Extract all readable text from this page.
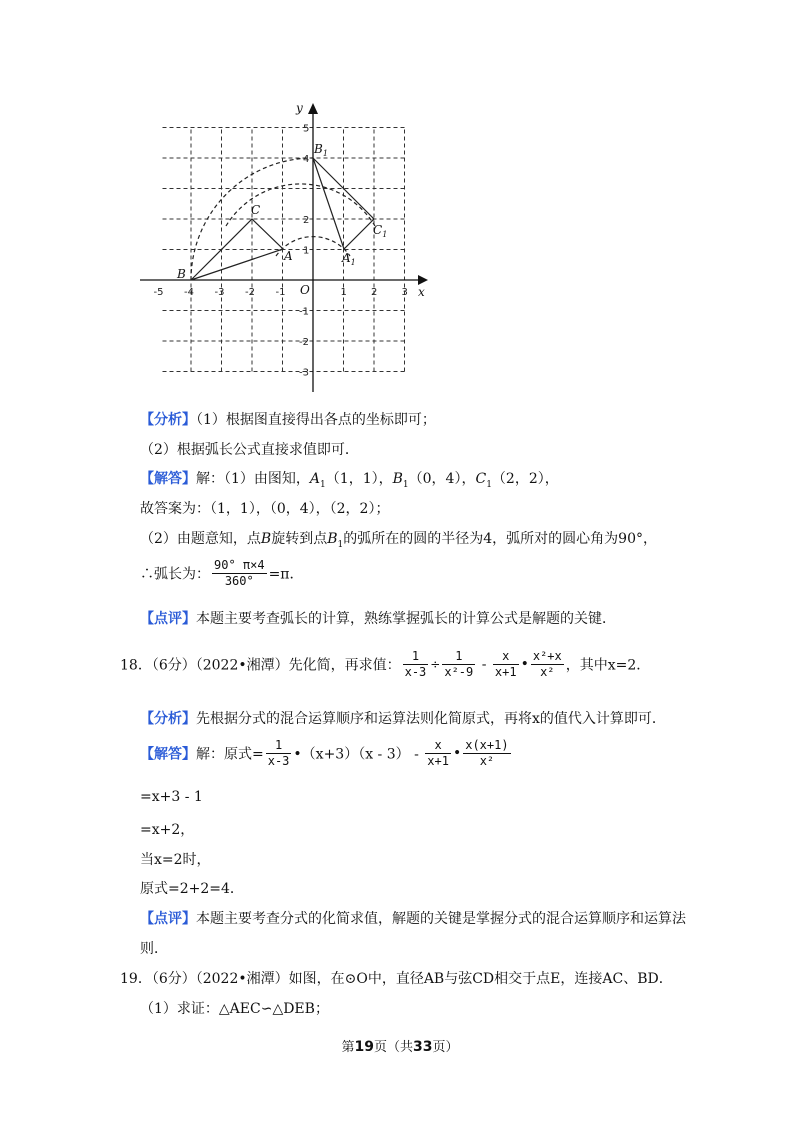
y
x
O
B
C
A
$B_1$
$C_1$
$A_1$
-5 -4 -3 -2 -1	1 2 3
5
4
2
1
-1
-2
-3
【分析】（1）根据图直接得出各点的坐标即可；
（2）根据弧长公式直接求值即可．
【解答】解：（1）由图知，$A_1(1$，1），$B_1(0$，4），$C_1(2$，2），
故答案为：（1，1），（0，4），（2，2）；
（2）由题意知，点B旋转到点$B_1$的弧所在的圆的半径为4，弧所对的圆心角为90°，
∴弧长为： $\frac{90^\circ \pi\times 4}{360^\circ} =\pi$．
【点评】本题主要考查弧长的计算，熟练掌握弧长的计算公式是解题的关键．
18．（6分）（2022•湘潭）先化简，再求值： $\frac{1}{x-3} \div \frac{1}{\text{x²-9}} - \frac{x}{x+1}$ • $\frac{\text{x²+x}}{\text{x²}}$ ，其中x=2．
【分析】先根据分式的混合运算顺序和运算法则化简原式，再将x的值代入计算即可．
【解答】解：原式= $\frac{1}{x-3}$ •（x+3）（x - $3) - \frac{x}{x+1}$ • $\frac{x(x+1)}{\text{x²}}$
=x+3 - 1
=x+2，
当x=2时，
原式=2+2=4．
【点评】本题主要考查分式的化简求值，解题的关键是掌握分式的混合运算顺序和运算法
则．
19．（6分）（2022•湘潭）如图，在⊙O中，直径AB与弦CD相交于点E，连接AC、BD．
（1）求证：△AEC∽△DEB；
第19页（共33页）
